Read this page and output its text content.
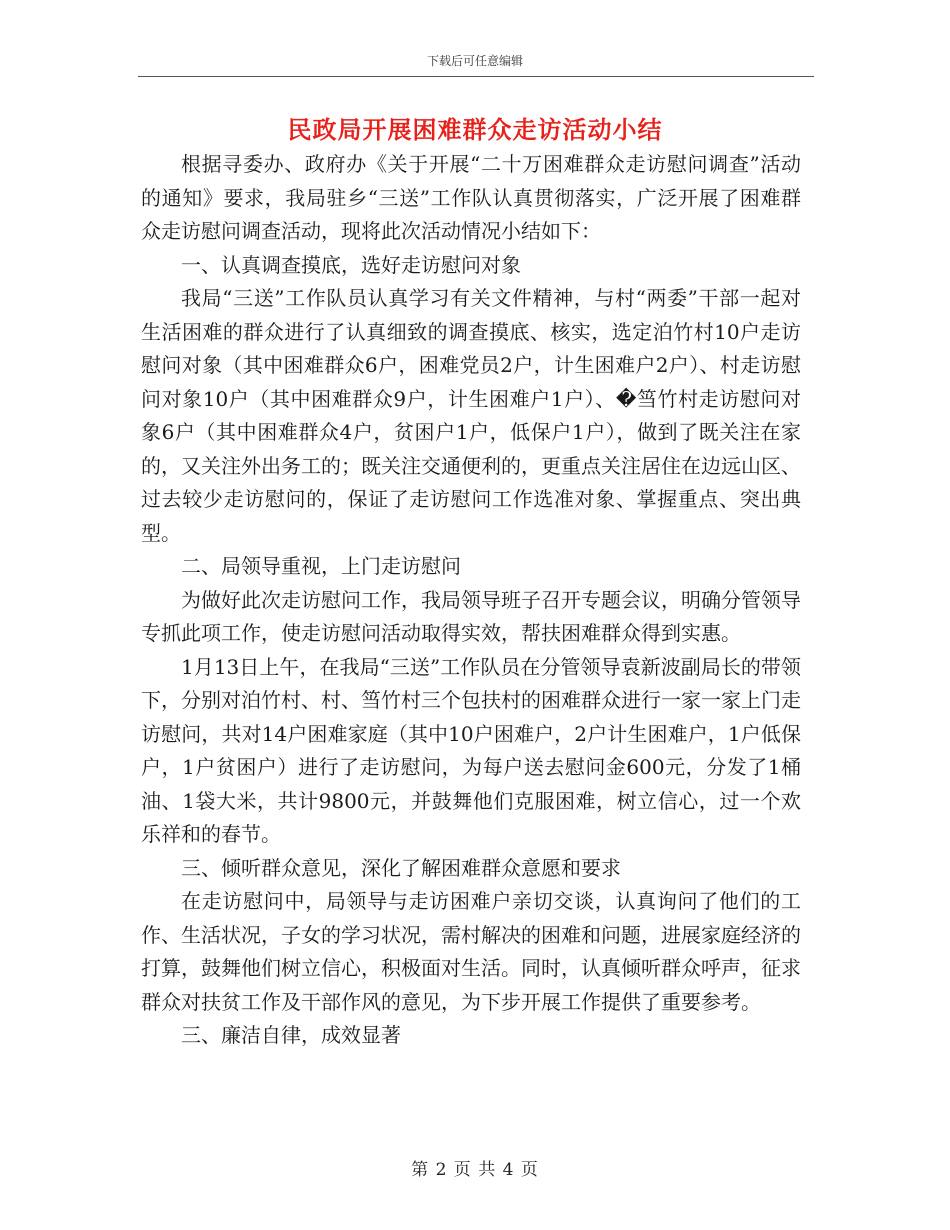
下载后可任意编辑
民政局开展困难群众走访活动小结

根据寻委办、政府办《关于开展“二十万困难群众走访慰问调查”活动的通知》要求，我局驻乡“三送”工作队认真贯彻落实，广泛开展了困难群众走访慰问调查活动，现将此次活动情况小结如下：

一、认真调查摸底，选好走访慰问对象

我局“三送”工作队员认真学习有关文件精神，与村“两委”干部一起对生活困难的群众进行了认真细致的调查摸底、核实，选定泊竹村10户走访慰问对象（其中困难群众6户，困难党员2户，计生困难户2户）、村走访慰问对象10户（其中困难群众9户，计生困难户1户）、�筜竹村走访慰问对象6户（其中困难群众4户，贫困户1户，低保户1户），做到了既关注在家的，又关注外出务工的；既关注交通便利的，更重点关注居住在边远山区、过去较少走访慰问的，保证了走访慰问工作选准对象、掌握重点、突出典型。

二、局领导重视，上门走访慰问

为做好此次走访慰问工作，我局领导班子召开专题会议，明确分管领导专抓此项工作，使走访慰问活动取得实效，帮扶困难群众得到实惠。

1月13日上午，在我局“三送”工作队员在分管领导袁新波副局长的带领下，分别对泊竹村、村、筜竹村三个包扶村的困难群众进行一家一家上门走访慰问，共对14户困难家庭（其中10户困难户，2户计生困难户，1户低保户，1户贫困户）进行了走访慰问，为每户送去慰问金600元，分发了1桶油、1袋大米，共计9800元，并鼓舞他们克服困难，树立信心，过一个欢乐祥和的春节。

三、倾听群众意见，深化了解困难群众意愿和要求

在走访慰问中，局领导与走访困难户亲切交谈，认真询问了他们的工作、生活状况，子女的学习状况，需村解决的困难和问题，进展家庭经济的打算，鼓舞他们树立信心，积极面对生活。同时，认真倾听群众呼声，征求群众对扶贫工作及干部作风的意见，为下步开展工作提供了重要参考。

三、廉洁自律，成效显著

第 2 页 共 4 页
